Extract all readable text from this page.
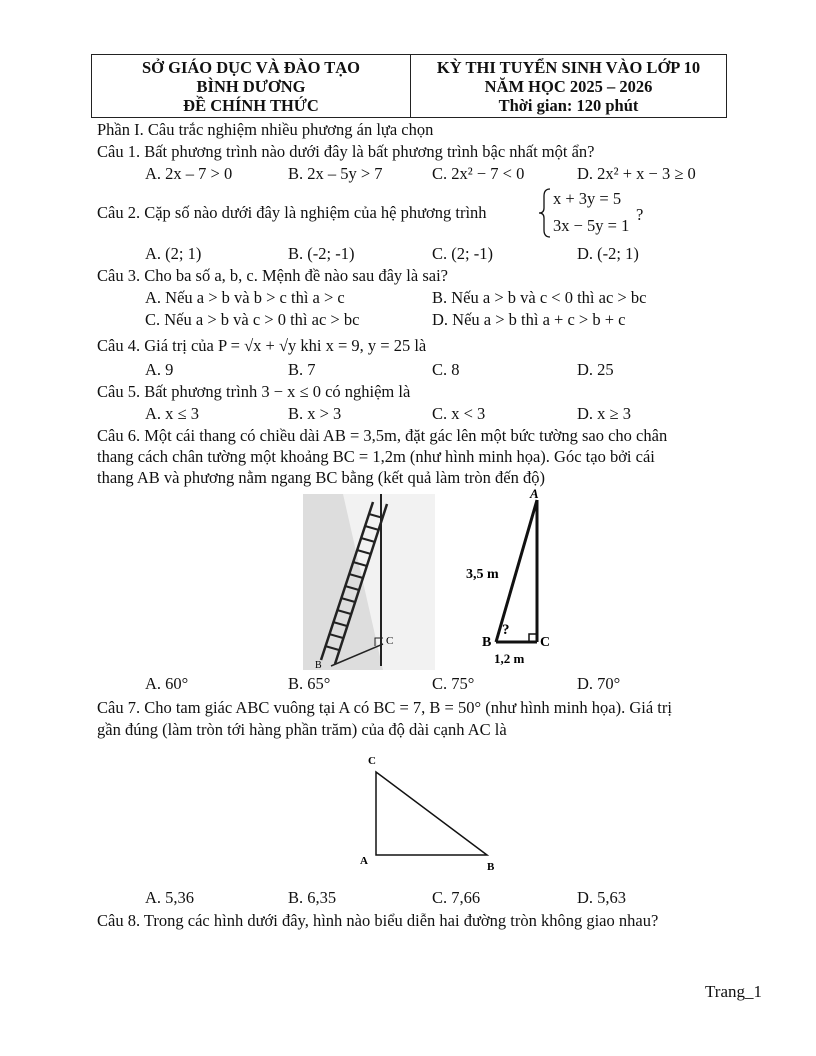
SỞ GIÁO DỤC VÀ ĐÀO TẠO
BÌNH DƯƠNG
ĐỀ CHÍNH THỨC
KỲ THI TUYỂN SINH VÀO LỚP 10
NĂM HỌC 2025 – 2026
Thời gian: 120 phút
Phần I. Câu trắc nghiệm nhiều phương án lựa chọn
Câu 1. Bất phương trình nào dưới đây là bất phương trình bậc nhất một ẩn?
A. 2x – 7 > 0	B. 2x – 5y > 7	C. 2x² − 7 < 0	D. 2x² + x − 3 ≥ 0
Câu 2. Cặp số nào dưới đây là nghiệm của hệ phương trình
x + 3y = 5
3x − 5y = 1
?
A. (2; 1)	B. (-2; -1)	C. (2; -1)	D. (-2; 1)
Câu 3. Cho ba số a, b, c. Mệnh đề nào sau đây là sai?
A. Nếu a > b và b > c thì a > c	B. Nếu a > b và c < 0 thì ac > bc
C. Nếu a > b và c > 0 thì ac > bc	D. Nếu a > b thì a + c > b + c
Câu 4. Giá trị của P = √x + √y khi x = 9, y = 25 là
A. 9	B. 7	C. 8	D. 25
Câu 5. Bất phương trình 3 − x ≤ 0 có nghiệm là
A. x ≤ 3	B. x > 3	C. x < 3	D. x ≥ 3
Câu 6. Một cái thang có chiều dài AB = 3,5m, đặt gác lên một bức tường sao cho chân
thang cách chân tường một khoảng BC = 1,2m (như hình minh họa). Góc tạo bởi cái
thang AB và phương nằm ngang BC bằng (kết quả làm tròn đến độ)
C
B
A
3,5 m
B
?
C
1,2 m
A. 60°	B. 65°	C. 75°	D. 70°
Câu 7. Cho tam giác ABC vuông tại A có BC = 7, B = 50° (như hình minh họa). Giá trị
gần đúng (làm tròn tới hàng phần trăm) của độ dài cạnh AC là
C
A	B
A. 5,36	B. 6,35	C. 7,66	D. 5,63
Câu 8. Trong các hình dưới đây, hình nào biểu diễn hai đường tròn không giao nhau?
Trang_1
